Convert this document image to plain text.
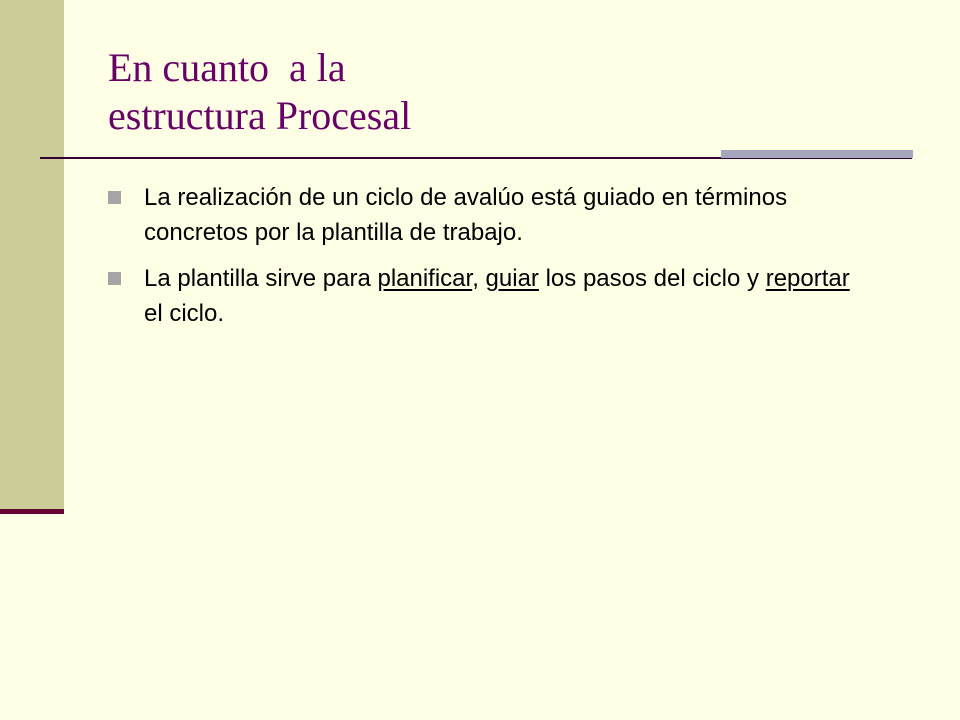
En cuanto  a la
estructura Procesal
La realización de un ciclo de avalúo está guiado en términos concretos por la plantilla de trabajo.
La plantilla sirve para planificar, guiar los pasos del ciclo y reportar el ciclo.
